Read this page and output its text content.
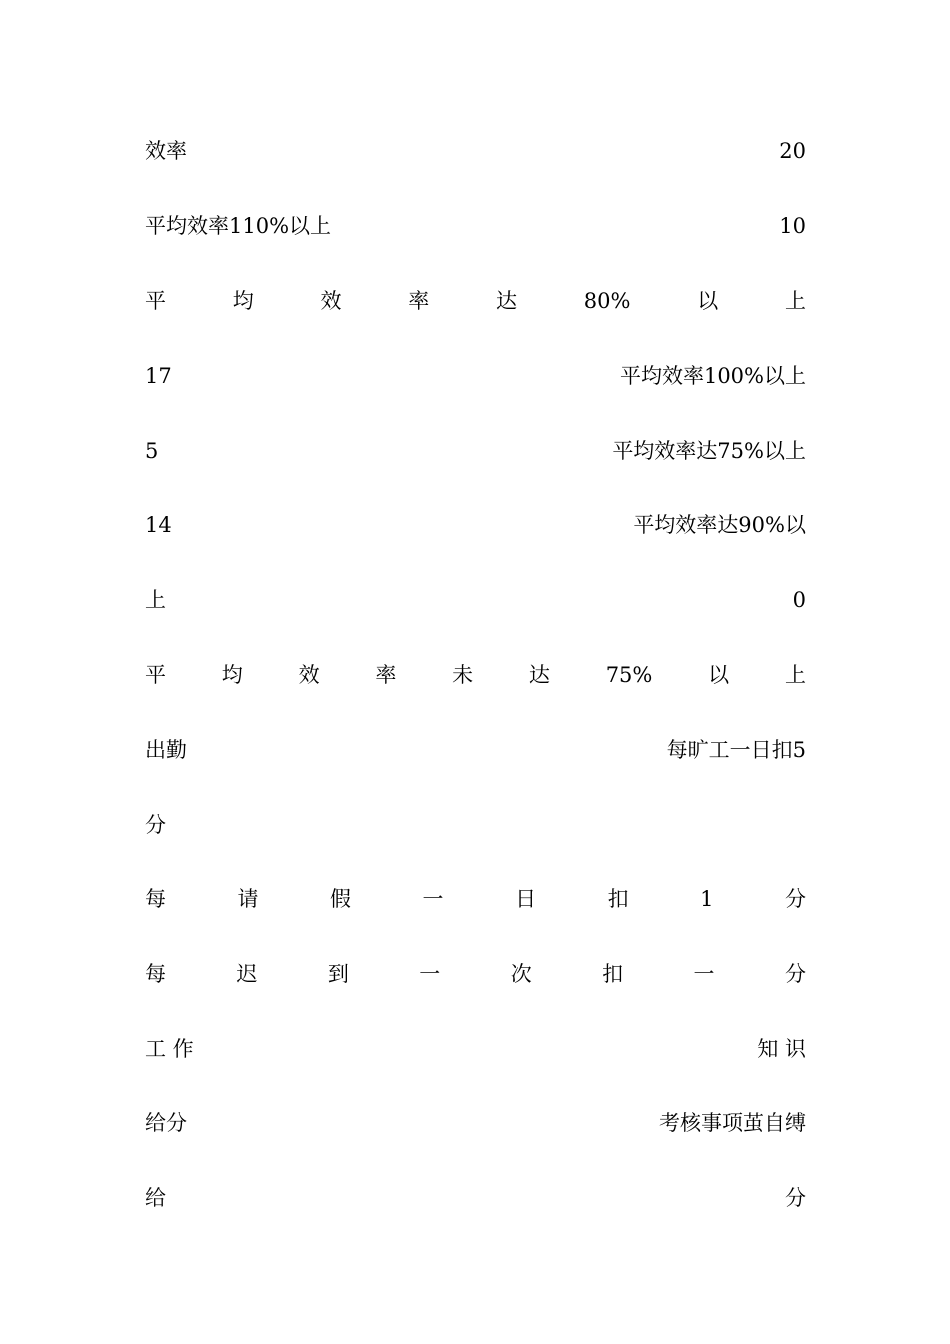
效率	20
平均效率110%以上	10
平	均	效	率	达	80%	以	上
17	平均效率100%以上
5	平均效率达75%以上
14	平均效率达90%以
上	0
平	均	效	率	未	达	75%	以	上
出勤	每旷工一日扣5
分
每	请	假	一	日	扣	1	分
每	迟	到	一	次	扣	一	分
工 作	知 识
给分	考核事项茧自缚
给	分
